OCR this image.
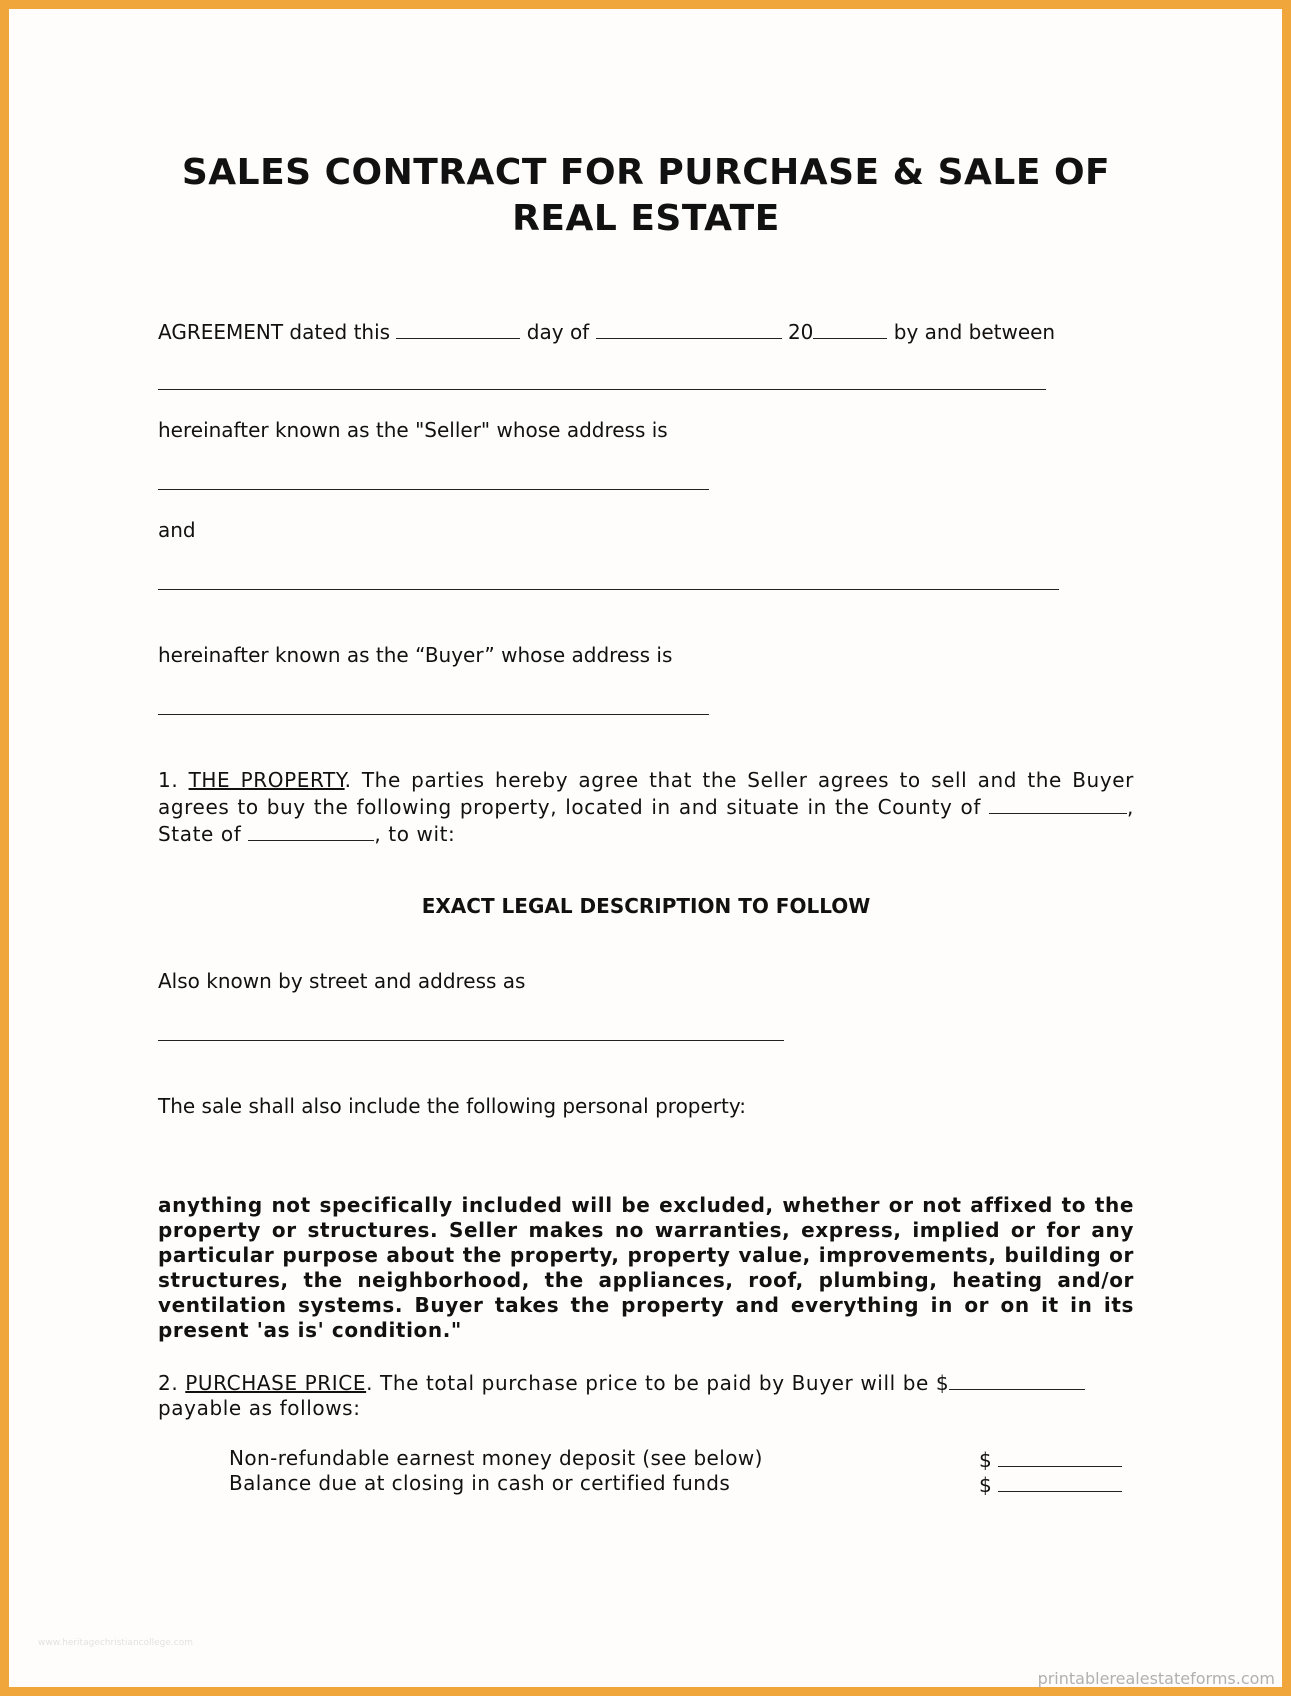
SALES CONTRACT FOR PURCHASE & SALE OF
REAL ESTATE
AGREEMENT dated this	day of	20	by and between
hereinafter known as the "Seller" whose address is
and
hereinafter known as the “Buyer” whose address is
1. THE PROPERTY. The parties hereby agree that the Seller agrees to sell and the Buyer agrees to buy the following property, located in and situate in the County of	, State of	, to wit:
EXACT LEGAL DESCRIPTION TO FOLLOW
Also known by street and address as
The sale shall also include the following personal property:
anything not specifically included will be excluded, whether or not affixed to the property or structures. Seller makes no warranties, express, implied or for any particular purpose about the property, property value, improvements, building or structures, the neighborhood, the appliances, roof, plumbing, heating and/or ventilation systems. Buyer takes the property and everything in or on it in its present 'as is' condition."
2. PURCHASE PRICE. The total purchase price to be paid by Buyer will be $
payable as follows:
Non-refundable earnest money deposit (see below)	$
Balance due at closing in cash or certified funds	$
www.heritagechristiancollege.com
printablerealestateforms.com
